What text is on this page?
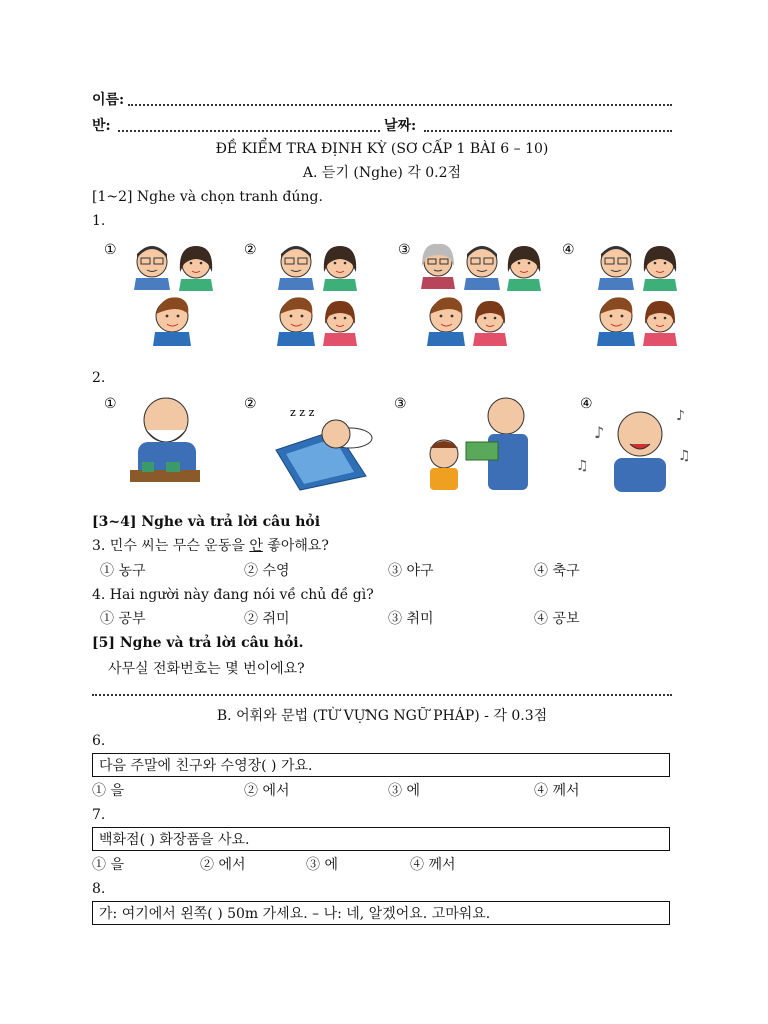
이름:
반:	날짜:
ĐỀ KIỂM TRA ĐỊNH KỲ (SƠ CẤP 1 BÀI 6 – 10)
A. 듣기 (Nghe) 각 0.2점
[1~2] Nghe và chọn tranh đúng.
1.
①	②	③	④
2.
①	②
z z z
③	④
♪
♫
♪
♫
[3~4] Nghe và trả lời câu hỏi
3. 민수 씨는 무슨 운동을 안 좋아해요?
① 농구	② 수영	③ 야구	④ 축구
4. Hai người này đang nói về chủ đề gì?
① 공부	② 쥐미	③ 취미	④ 공보
[5] Nghe và trả lời câu hỏi.
사무실 전화번호는 몇 번이에요?
B. 어휘와 문법 (TỪ VỰNG NGỮ PHÁP) - 각 0.3점
6.
다음 주말에 친구와 수영장( ) 가요.
① 을	② 에서	③ 에	④ 께서
7.
백화점( ) 화장품을 사요.
① 을	② 에서	③ 에	④ 께서
8.
가: 여기에서 왼쪽( ) 50m 가세요. – 나: 네, 알겠어요. 고마워요.
